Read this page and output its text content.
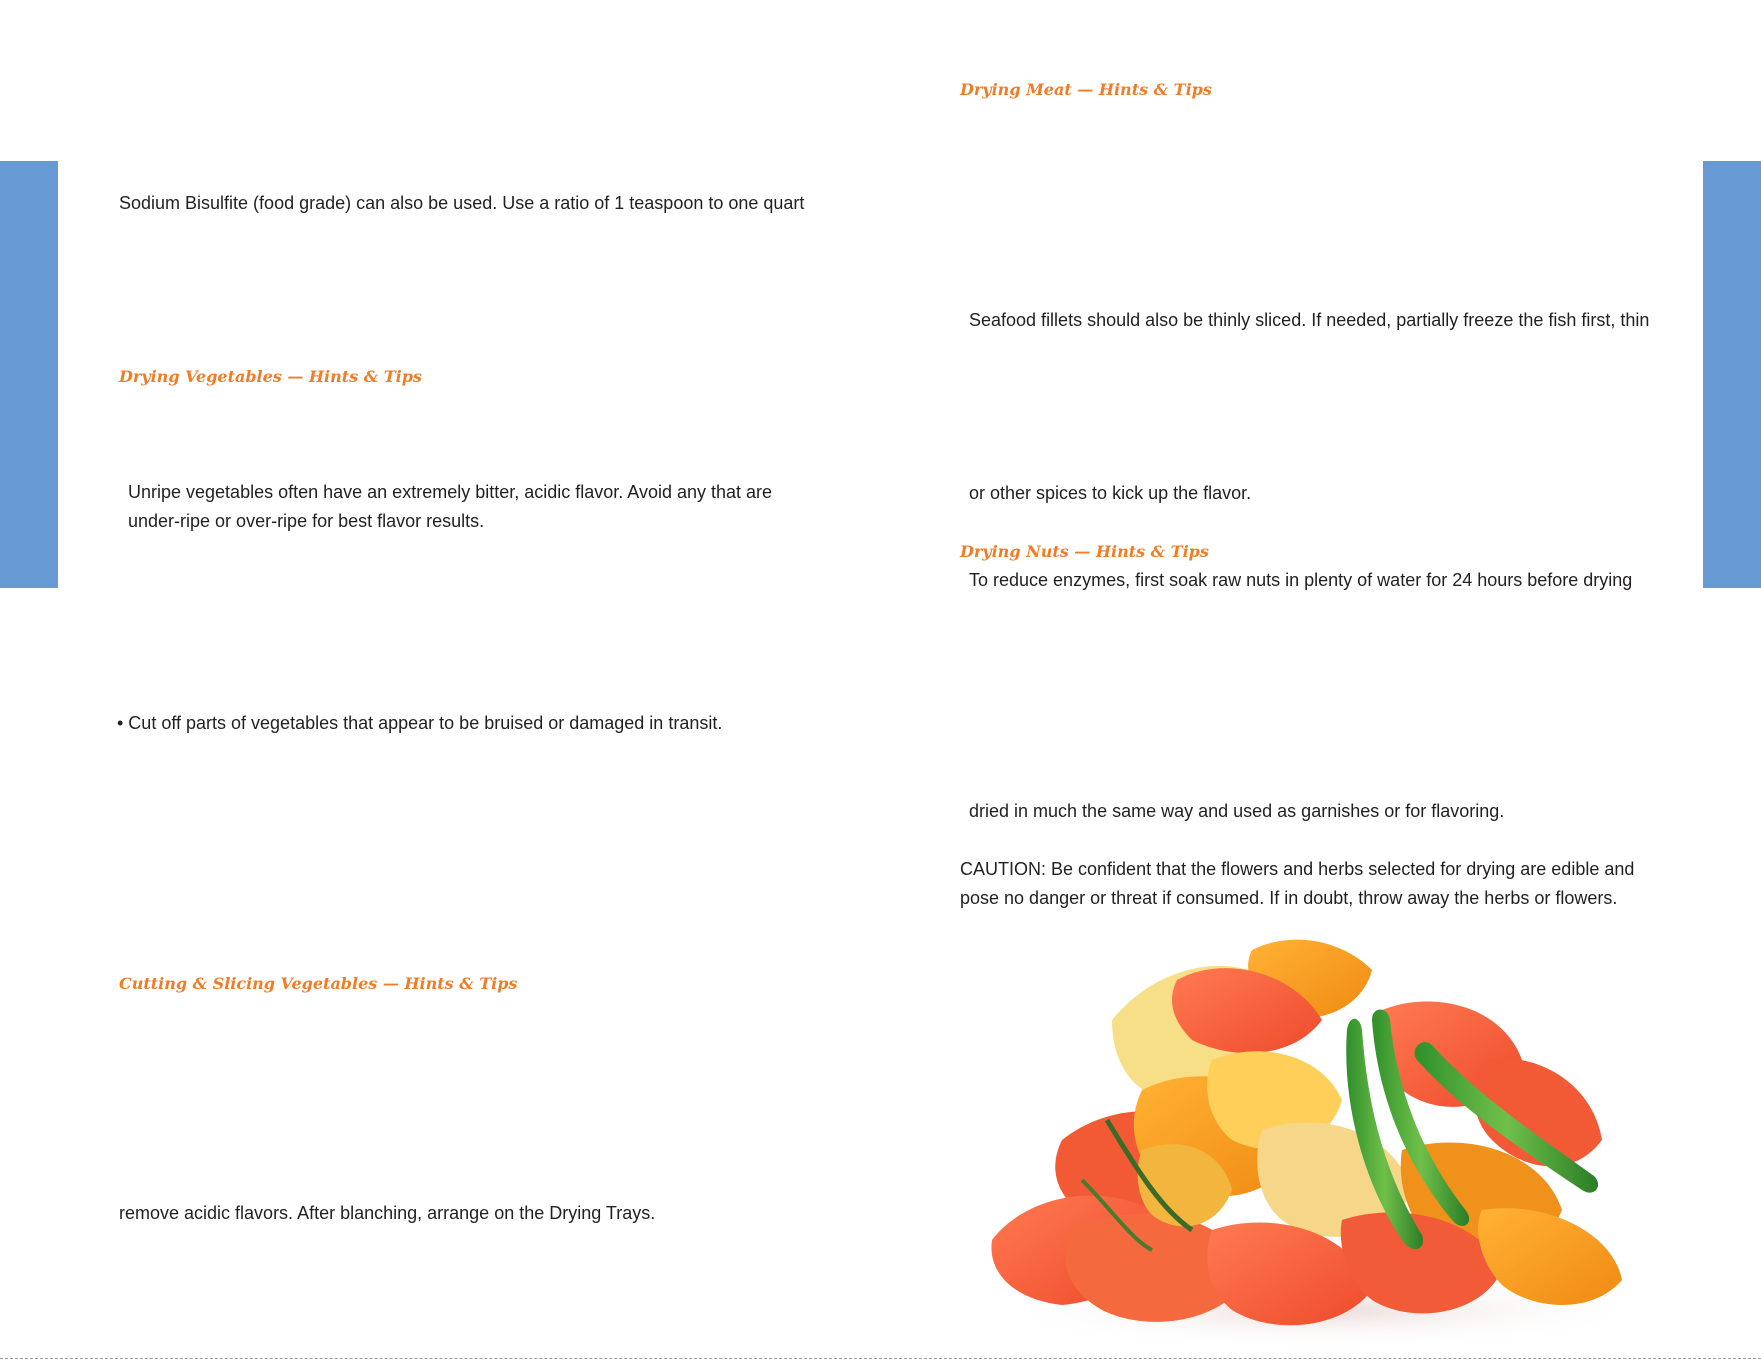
Sodium Bisulfite (food grade) can also be used. Use a ratio of 1 teaspoon to one quart
Drying Vegetables — Hints & Tips
Unripe vegetables often have an extremely bitter, acidic flavor. Avoid any that are
under-ripe or over-ripe for best flavor results.
• Cut off parts of vegetables that appear to be bruised or damaged in transit.
Cutting & Slicing Vegetables — Hints & Tips
remove acidic flavors. After blanching, arrange on the Drying Trays.
Drying Meat — Hints & Tips
Seafood fillets should also be thinly sliced. If needed, partially freeze the fish first, thin
or other spices to kick up the flavor.
Drying Nuts — Hints & Tips
To reduce enzymes, first soak raw nuts in plenty of water for 24 hours before drying
dried in much the same way and used as garnishes or for flavoring.
CAUTION: Be confident that the flowers and herbs selected for drying are edible and
pose no danger or threat if consumed. If in doubt, throw away the herbs or flowers.
